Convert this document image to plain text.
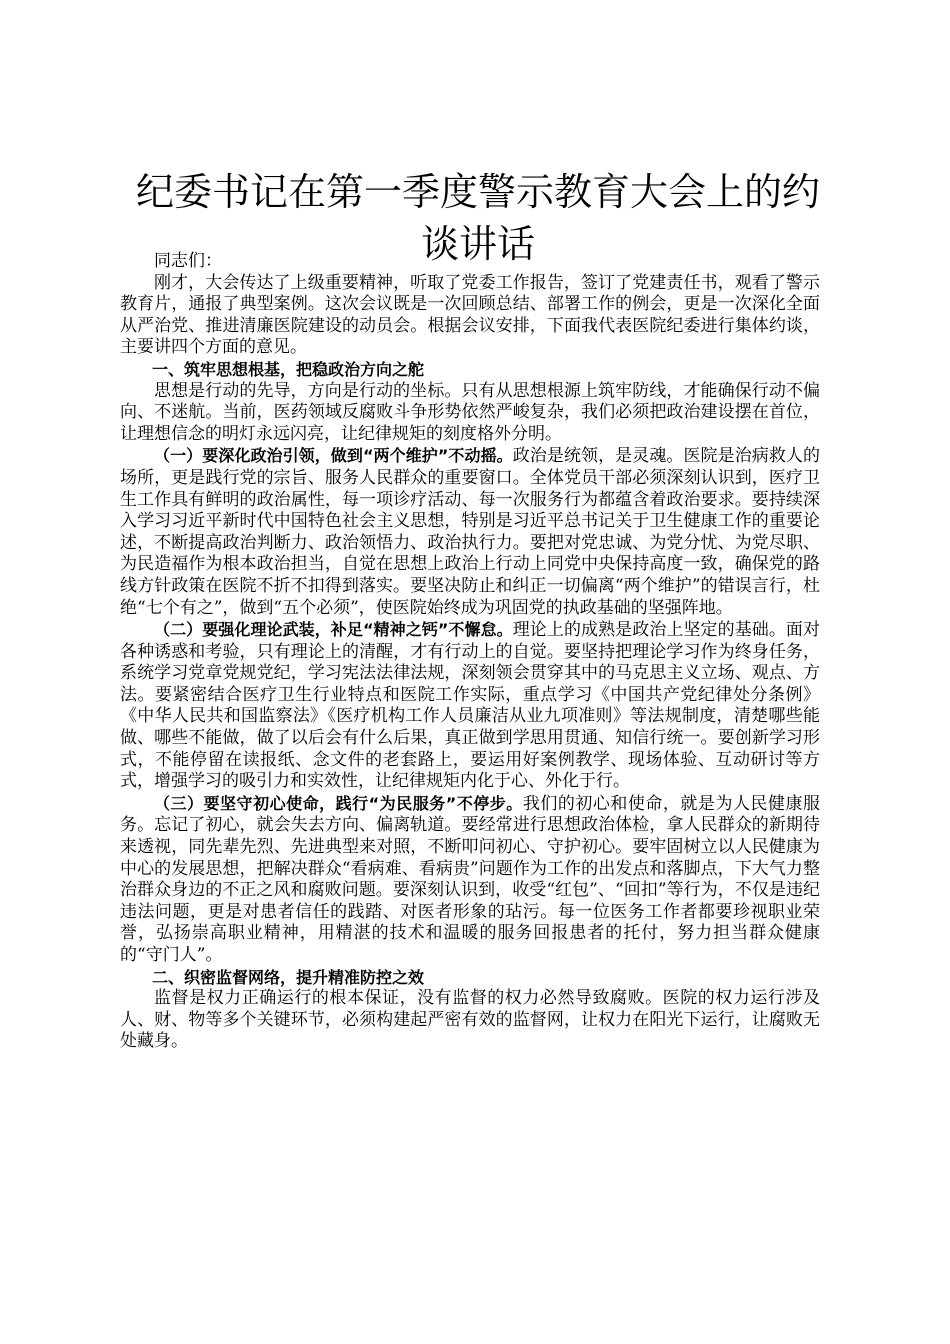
纪委书记在第一季度警示教育大会上的约谈讲话

同志们：

刚才，大会传达了上级重要精神，听取了党委工作报告，签订了党建责任书，观看了警示教育片，通报了典型案例。这次会议既是一次回顾总结、部署工作的例会，更是一次深化全面从严治党、推进清廉医院建设的动员会。根据会议安排，下面我代表医院纪委进行集体约谈，主要讲四个方面的意见。

一、筑牢思想根基，把稳政治方向之舵

思想是行动的先导，方向是行动的坐标。只有从思想根源上筑牢防线，才能确保行动不偏向、不迷航。当前，医药领域反腐败斗争形势依然严峻复杂，我们必须把政治建设摆在首位，让理想信念的明灯永远闪亮，让纪律规矩的刻度格外分明。

（一）要深化政治引领，做到“两个维护”不动摇。政治是统领，是灵魂。医院是治病救人的场所，更是践行党的宗旨、服务人民群众的重要窗口。全体党员干部必须深刻认识到，医疗卫生工作具有鲜明的政治属性，每一项诊疗活动、每一次服务行为都蕴含着政治要求。要持续深入学习习近平新时代中国特色社会主义思想，特别是习近平总书记关于卫生健康工作的重要论述，不断提高政治判断力、政治领悟力、政治执行力。要把对党忠诚、为党分忧、为党尽职、为民造福作为根本政治担当，自觉在思想上政治上行动上同党中央保持高度一致，确保党的路线方针政策在医院不折不扣得到落实。要坚决防止和纠正一切偏离“两个维护”的错误言行，杜绝“七个有之”，做到“五个必须”，使医院始终成为巩固党的执政基础的坚强阵地。

（二）要强化理论武装，补足“精神之钙”不懈怠。理论上的成熟是政治上坚定的基础。面对各种诱惑和考验，只有理论上的清醒，才有行动上的自觉。要坚持把理论学习作为终身任务，系统学习党章党规党纪，学习宪法法律法规，深刻领会贯穿其中的马克思主义立场、观点、方法。要紧密结合医疗卫生行业特点和医院工作实际，重点学习《中国共产党纪律处分条例》《中华人民共和国监察法》《医疗机构工作人员廉洁从业九项准则》等法规制度，清楚哪些能做、哪些不能做，做了以后会有什么后果，真正做到学思用贯通、知信行统一。要创新学习形式，不能停留在读报纸、念文件的老套路上，要运用好案例教学、现场体验、互动研讨等方式，增强学习的吸引力和实效性，让纪律规矩内化于心、外化于行。

（三）要坚守初心使命，践行“为民服务”不停步。我们的初心和使命，就是为人民健康服务。忘记了初心，就会失去方向、偏离轨道。要经常进行思想政治体检，拿人民群众的新期待来透视，同先辈先烈、先进典型来对照，不断叩问初心、守护初心。要牢固树立以人民健康为中心的发展思想，把解决群众“看病难、看病贵”问题作为工作的出发点和落脚点，下大气力整治群众身边的不正之风和腐败问题。要深刻认识到，收受“红包”、“回扣”等行为，不仅是违纪违法问题，更是对患者信任的践踏、对医者形象的玷污。每一位医务工作者都要珍视职业荣誉，弘扬崇高职业精神，用精湛的技术和温暖的服务回报患者的托付，努力担当群众健康的“守门人”。

二、织密监督网络，提升精准防控之效

监督是权力正确运行的根本保证，没有监督的权力必然导致腐败。医院的权力运行涉及人、财、物等多个关键环节，必须构建起严密有效的监督网，让权力在阳光下运行，让腐败无处藏身。
